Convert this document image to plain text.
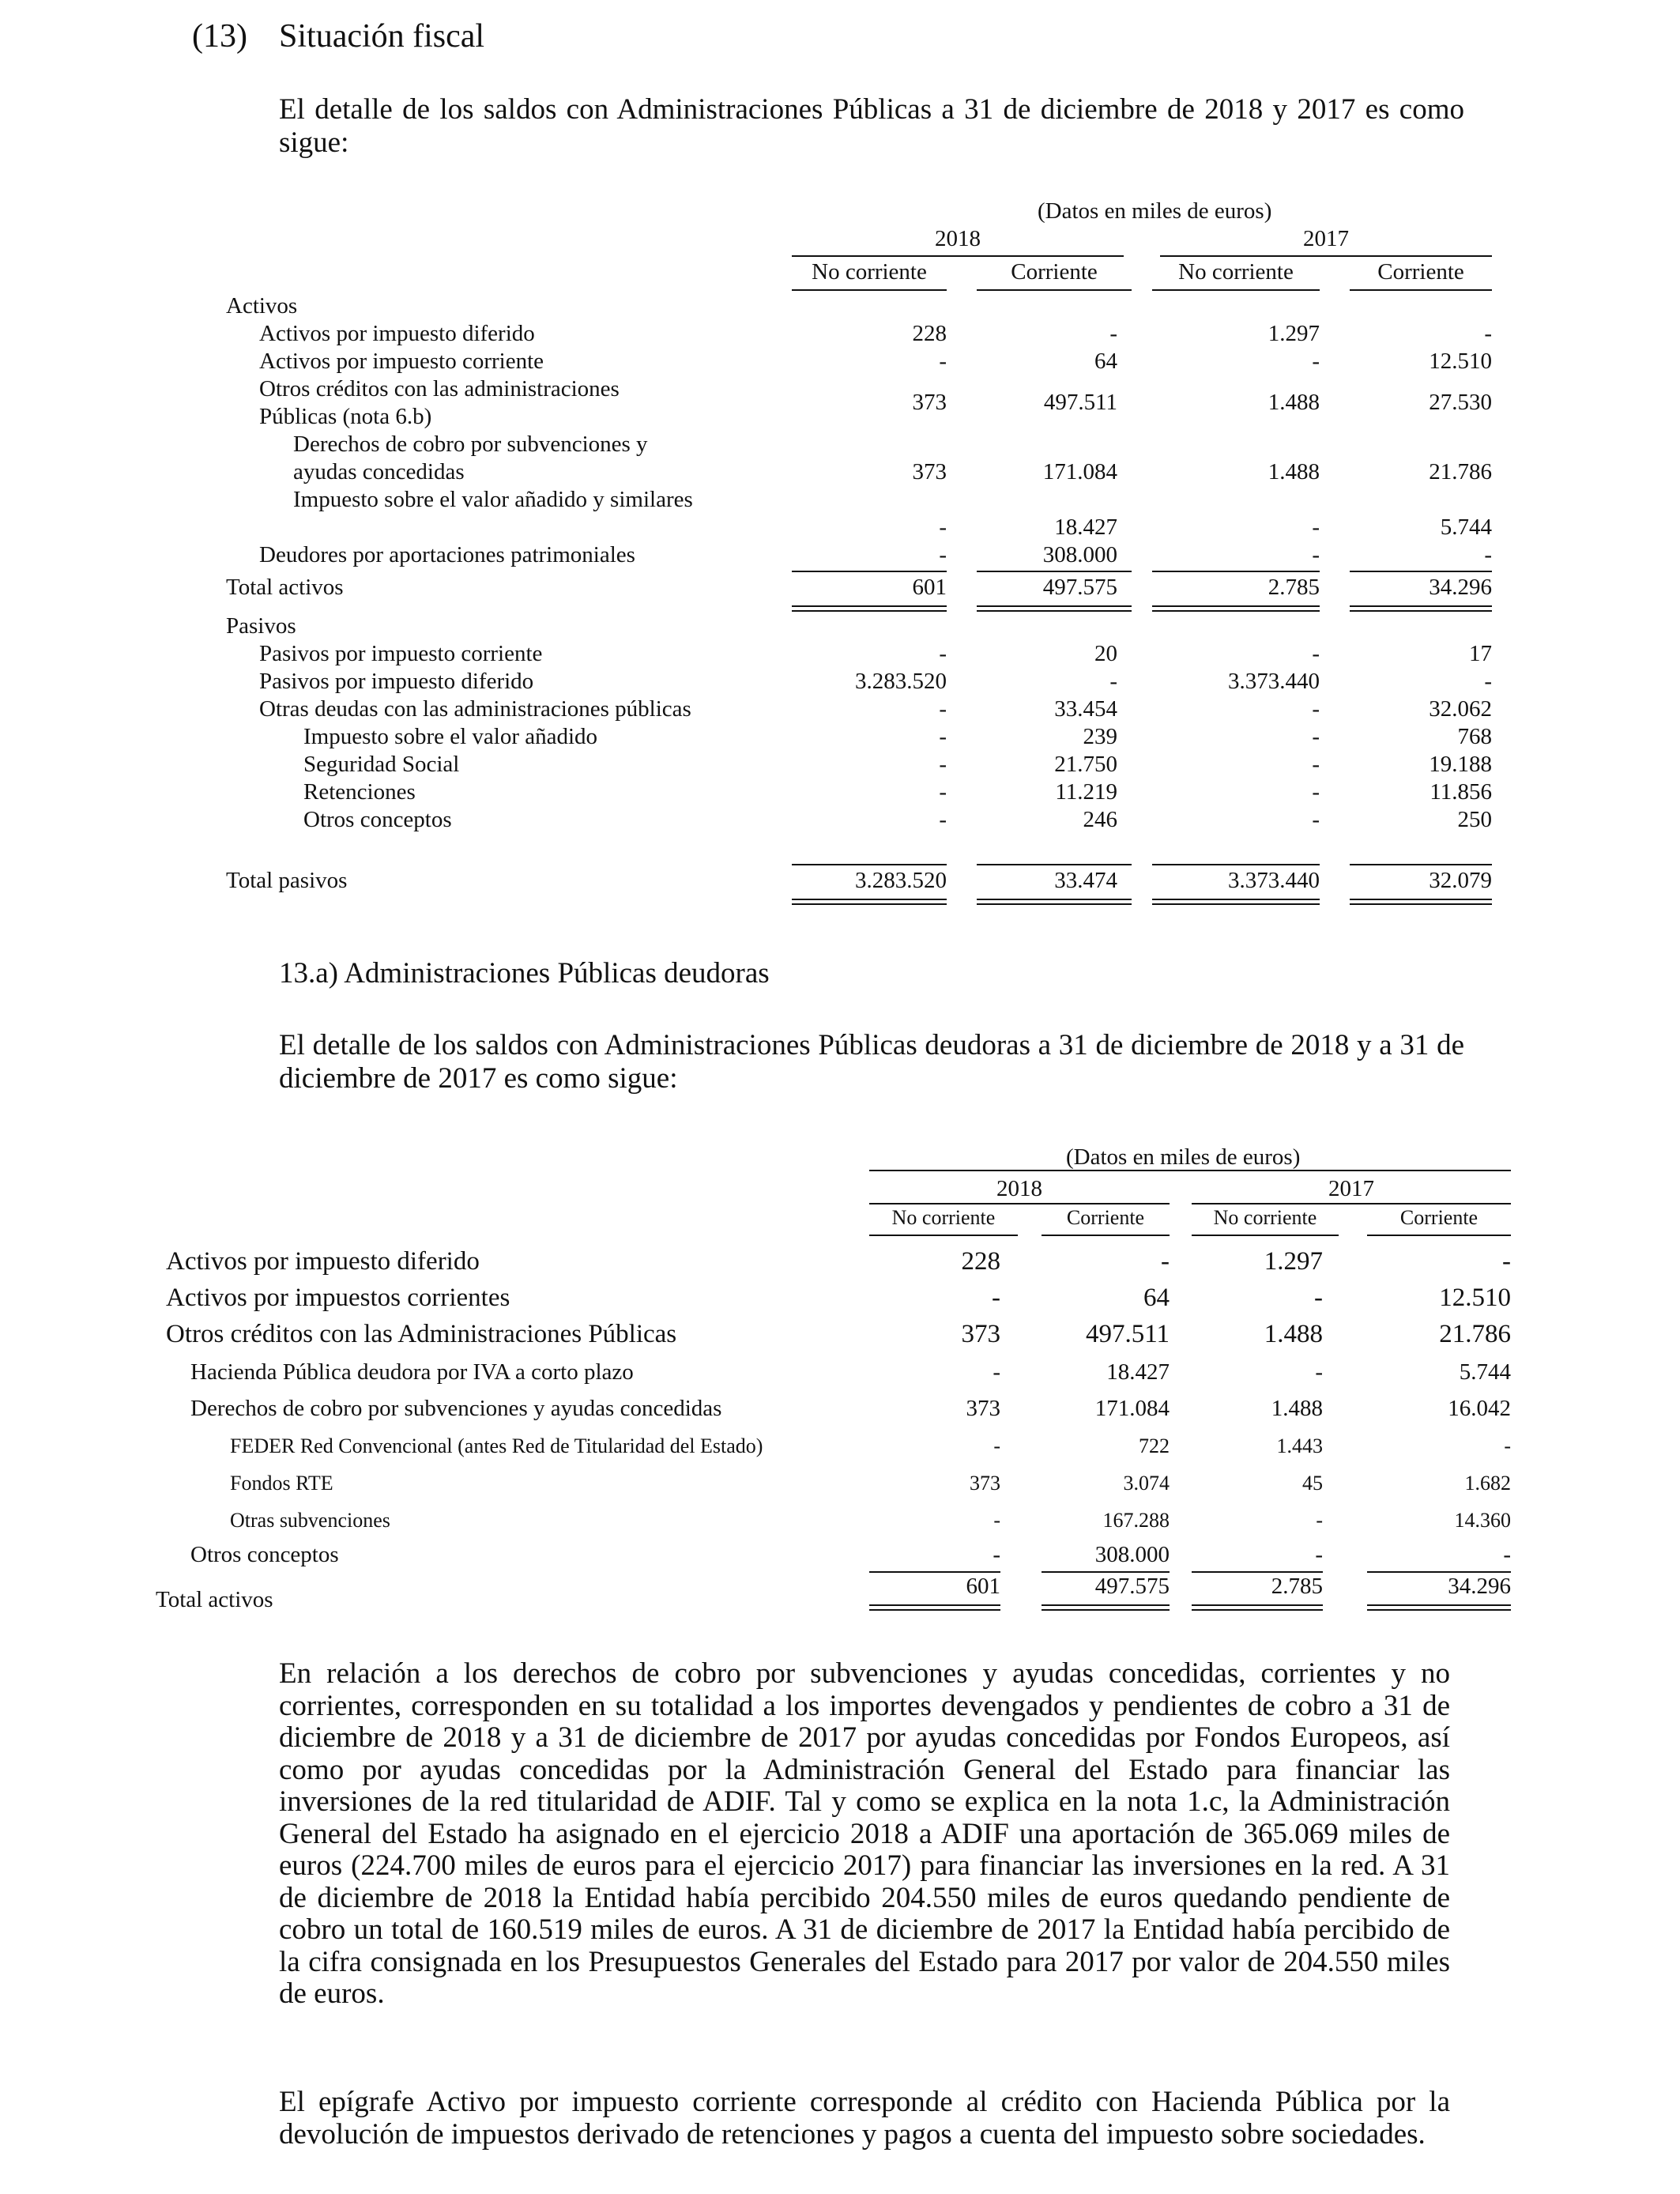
(13) Situación fiscal
El detalle de los saldos con Administraciones Públicas a 31 de diciembre de 2018 y 2017 es como sigue:
(Datos en miles de euros)
2018	2017
No corriente	Corriente	No corriente	Corriente
Activos
Activos por impuesto diferido	228	-	1.297	-
Activos por impuesto corriente	-	64	-	12.510
Otros créditos con las administraciones
Públicas (nota 6.b)
373	497.511	1.488	27.530
Derechos de cobro por subvenciones y
ayudas concedidas	373	171.084	1.488	21.786
Impuesto sobre el valor añadido y similares
-	18.427	-	5.744
Deudores por aportaciones patrimoniales	-	308.000	-	-
Total activos	601	497.575	2.785	34.296
Pasivos
Pasivos por impuesto corriente	-	20	-	17
Pasivos por impuesto diferido	3.283.520	-	3.373.440	-
Otras deudas con las administraciones públicas	-	33.454	-	32.062
Impuesto sobre el valor añadido	-	239	-	768
Seguridad Social	-	21.750	-	19.188
Retenciones	-	11.219	-	11.856
Otros conceptos	-	246	-	250
Total pasivos	3.283.520	33.474	3.373.440	32.079
13.a) Administraciones Públicas deudoras
El detalle de los saldos con Administraciones Públicas deudoras a 31 de diciembre de 2018 y a 31 de diciembre de 2017 es como sigue:
(Datos en miles de euros)
2018	2017
No corriente	Corriente	No corriente	Corriente
Activos por impuesto diferido	228	-	1.297	-
Activos por impuestos corrientes	-	64	-	12.510
Otros créditos con las Administraciones Públicas	373	497.511	1.488	21.786
Hacienda Pública deudora por IVA a corto plazo	-	18.427	-	5.744
Derechos de cobro por subvenciones y ayudas concedidas	373	171.084	1.488	16.042
FEDER Red Convencional (antes Red de Titularidad del Estado)	-	722	1.443	-
Fondos RTE	373	3.074	45	1.682
Otras subvenciones	-	167.288	-	14.360
Otros conceptos	-	308.000	-	-
Total activos
601	497.575	2.785	34.296
En relación a los derechos de cobro por subvenciones y ayudas concedidas, corrientes y no corrientes, corresponden en su totalidad a los importes devengados y pendientes de cobro a 31 de diciembre de 2018 y a 31 de diciembre de 2017 por ayudas concedidas por Fondos Europeos, así como por ayudas concedidas por la Administración General del Estado para financiar las inversiones de la red titularidad de ADIF. Tal y como se explica en la nota 1.c, la Administración General del Estado ha asignado en el ejercicio 2018 a ADIF una aportación de 365.069 miles de euros (224.700 miles de euros para el ejercicio 2017) para financiar las inversiones en la red. A 31 de diciembre de 2018 la Entidad había percibido 204.550 miles de euros quedando pendiente de cobro un total de 160.519 miles de euros. A 31 de diciembre de 2017 la Entidad había percibido de la cifra consignada en los Presupuestos Generales del Estado para 2017 por valor de 204.550 miles de euros.
El epígrafe Activo por impuesto corriente corresponde al crédito con Hacienda Pública por la devolución de impuestos derivado de retenciones y pagos a cuenta del impuesto sobre sociedades.
